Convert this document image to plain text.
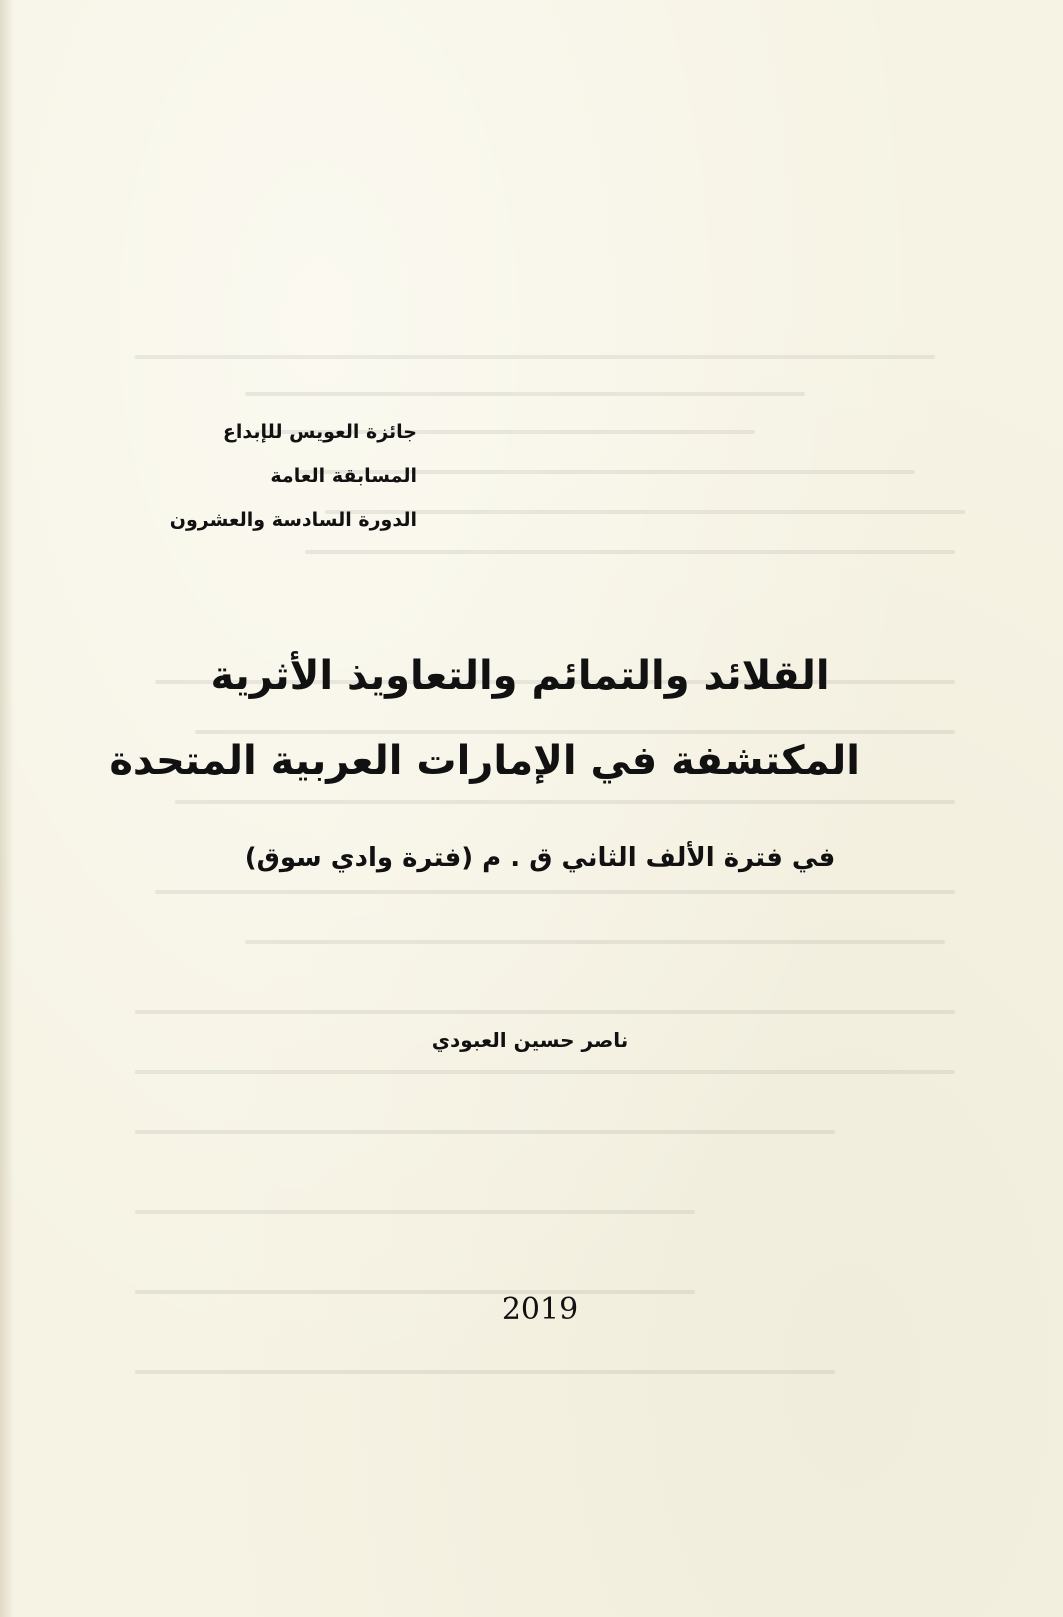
جائزة العويس للإبداع
المسابقة العامة
الدورة السادسة والعشرون
القلائد والتمائم والتعاويذ الأثرية
المكتشفة في الإمارات العربية المتحدة
في فترة الألف الثاني ق . م (فترة وادي سوق)
ناصر حسين العبودي
2019
